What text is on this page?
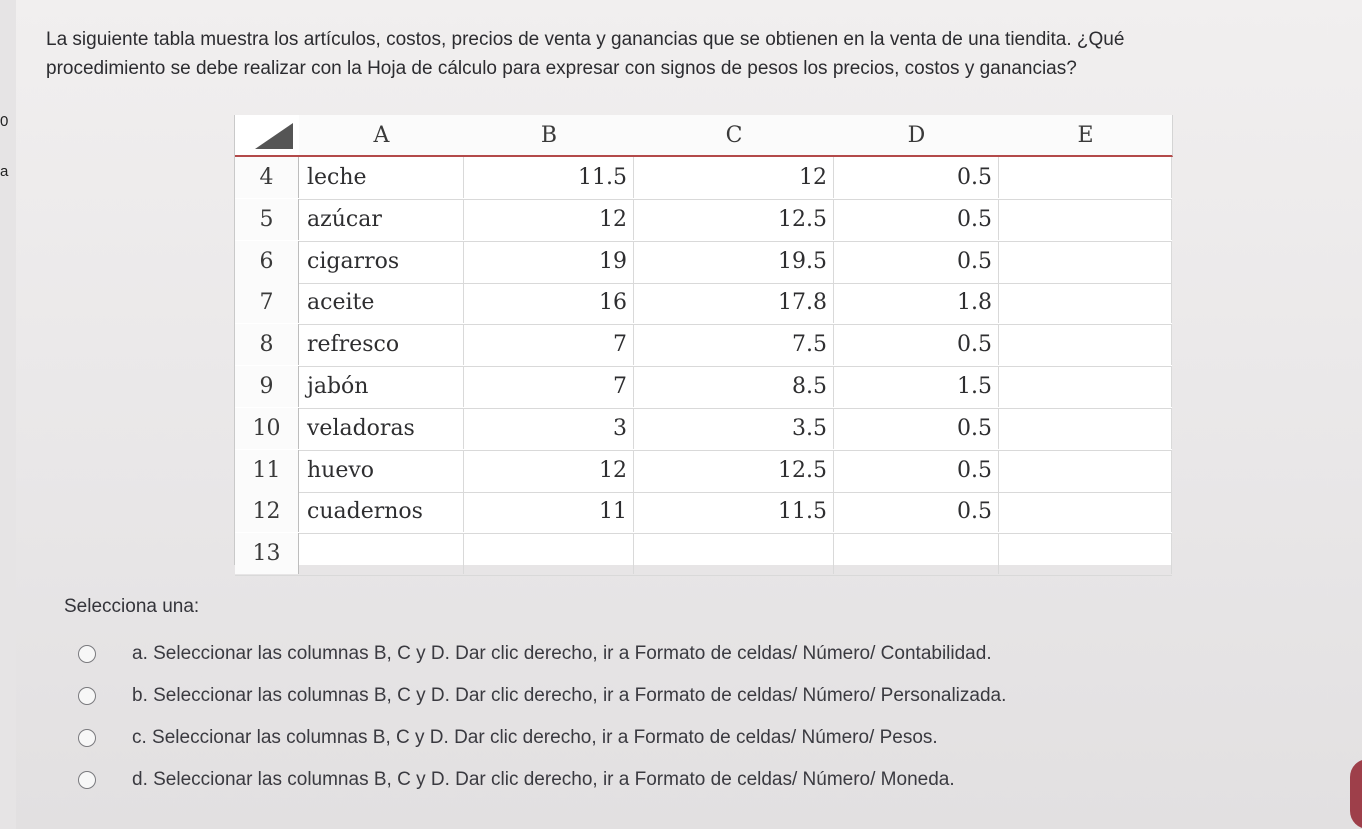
0
a

La siguiente tabla muestra los artículos, costos, precios de venta y ganancias que se obtienen en la venta de una tiendita. ¿Qué

procedimiento se debe realizar con la Hoja de cálculo para expresar con signos de pesos los precios, costos y ganancias?

A	B	C	D	E
4	leche	11.5	12	0.5
5	azúcar	12	12.5	0.5
6	cigarros	19	19.5	0.5
7	aceite	16	17.8	1.8
8	refresco	7	7.5	0.5
9	jabón	7	8.5	1.5
10	veladoras	3	3.5	0.5
11	huevo	12	12.5	0.5
12	cuadernos	11	11.5	0.5
13
Selecciona una:
a. Seleccionar las columnas B, C y D. Dar clic derecho, ir a Formato de celdas/ Número/ Contabilidad.
b. Seleccionar las columnas B, C y D. Dar clic derecho, ir a Formato de celdas/ Número/ Personalizada.
c. Seleccionar las columnas B, C y D. Dar clic derecho, ir a Formato de celdas/ Número/ Pesos.
d. Seleccionar las columnas B, C y D. Dar clic derecho, ir a Formato de celdas/ Número/ Moneda.
